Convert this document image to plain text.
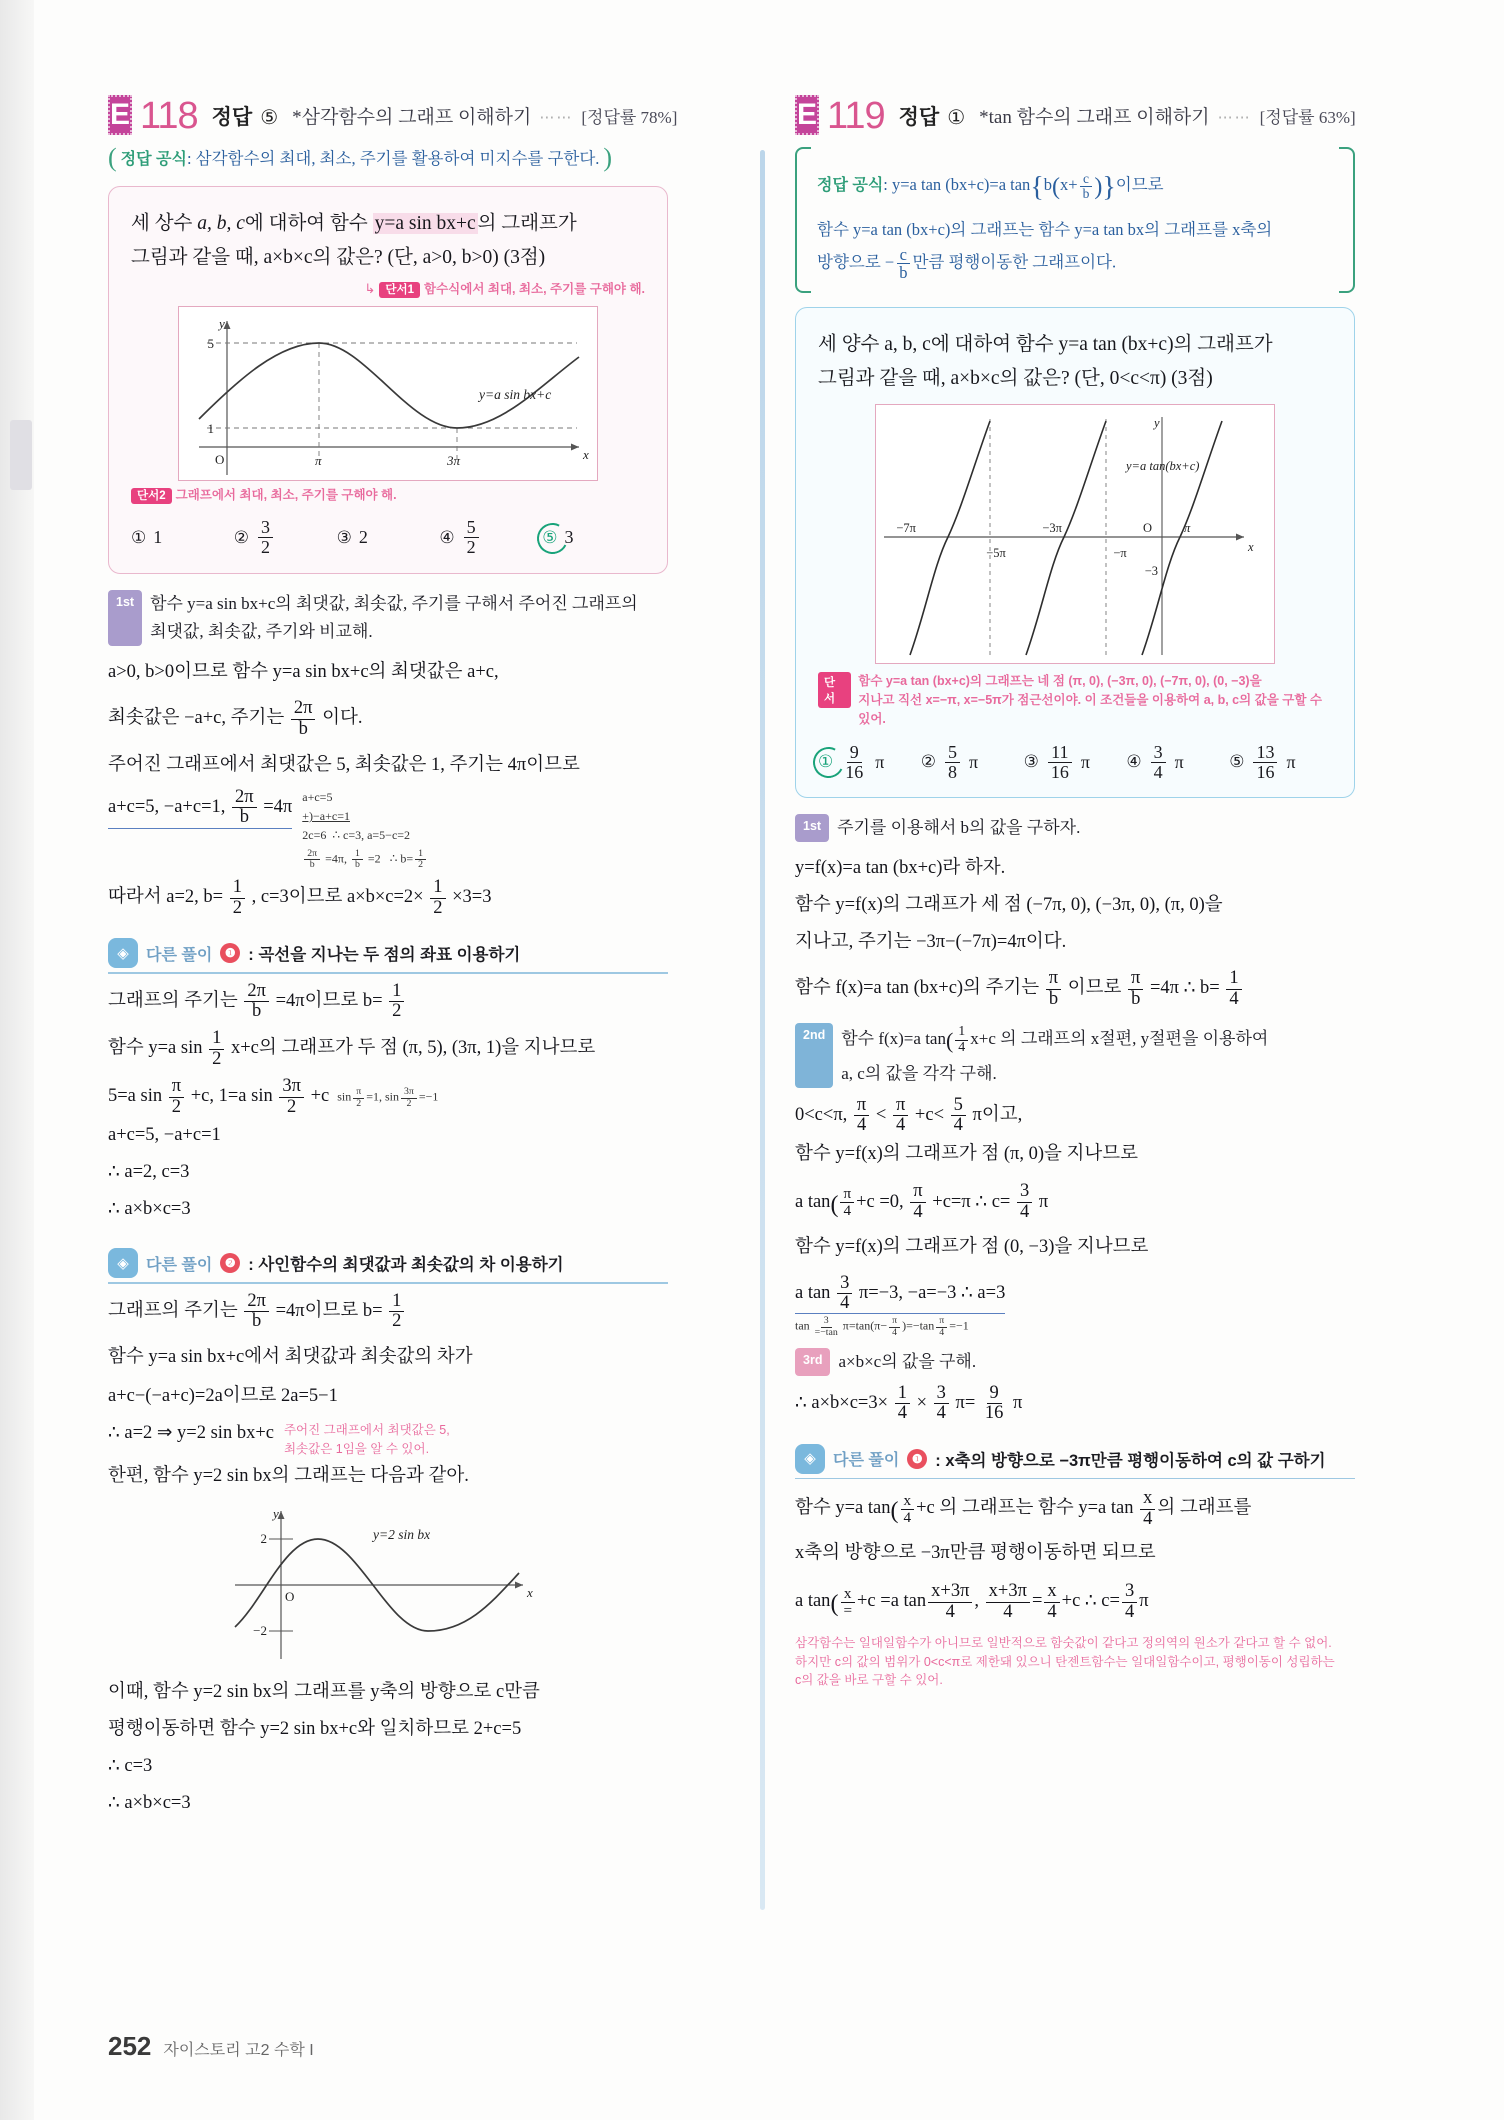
E 118 정답 ⑤ *삼각함수의 그래프 이해하기 ⋯⋯ [정답률 78%]
( 정답 공식: 삼각함수의 최대, 최소, 주기를 활용하여 미지수를 구한다. )
세 상수 a, b, c에 대하여 함수 y=a sin bx+c 의 그래프가
그림과 같을 때, a×b×c의 값은? (단, a>0, b>0) (3점)
↳ 단서1 함수식에서 최대, 최소, 주기를 구해야 해.
y
x
5
1
O	π	3π
y=a sin bx+c
단서2 그래프에서 최대, 최소, 주기를 구해야 해.
① 1	② $\frac{3}{2}$	③ 2	④ $\frac{5}{2}$	⑤ 3
1st 함수 y=a sin bx+c의 최댓값, 최솟값, 주기를 구해서 주어진 그래프의
최댓값, 최솟값, 주기와 비교해.
a>0, b>0이므로 함수 y=a sin bx+c의 최댓값은 a+c,
최솟값은 −a+c, 주기는 $\frac{2\pi}{b}$ 이다.
주어진 그래프에서 최댓값은 5, 최솟값은 1, 주기는 4π이므로
a+c=5, −a+c=1, $\frac{2\pi}{b} =4\pi$
a+c=5
+)−a+c=1
2c=6 ∴ c=3, a=5−c=2
$\frac{2\pi}{b} =4\pi$, $\frac{1}{b} =2$ ∴ $b= \frac{1}{2}$
따라서 a=2, $b= \frac{1}{2}$ , c=3이므로 $a\times b\times c=2\times \frac{1}{2} \times 3=3$
◈	다른 풀이	❶ : 곡선을 지나는 두 점의 좌표 이용하기
그래프의 주기는 $\frac{2\pi}{b} =4\pi$이므로 $b= \frac{1}{2}$
함수 y=a $\sin \frac{1}{2} x+c$의 그래프가 두 점 (π, 5), (3π, 1)을 지나므로
5=a $\sin \frac{\pi}{2} +c$, 1=a $\sin \frac{3\pi}{2} +c$ $\sin \frac{\pi}{2} =1$, $\sin \frac{3\pi}{2} =-1$
a+c=5, −a+c=1
∴ a=2, c=3
∴ a×b×c=3
◈	다른 풀이	❷ : 사인함수의 최댓값과 최솟값의 차 이용하기
그래프의 주기는 $\frac{2\pi}{b} =4\pi$이므로 $b= \frac{1}{2}$
함수 y=a sin bx+c에서 최댓값과 최솟값의 차가
a+c−(−a+c)=2a이므로 2a=5−1
∴ a=2 ⇒ y=2 sin bx+c 주어진 그래프에서 최댓값은 5,
최솟값은 1임을 알 수 있어.
한편, 함수 y=2 sin bx의 그래프는 다음과 같아.
y
x
2
−2
O
y=2 sin bx
이때, 함수 y=2 sin bx의 그래프를 y축의 방향으로 c만큼
평행이동하면 함수 y=2 sin bx+c와 일치하므로 2+c=5
∴ c=3
∴ a×b×c=3
E 119 정답 ① *tan 함수의 그래프 이해하기 ⋯⋯ [정답률 63%]
정답 공식: y=a tan (bx+c)=a $\tan\{b(x+ \frac{c}{b}$ )}이므로
함수 y=a tan (bx+c)의 그래프는 함수 y=a tan bx의 그래프를 x축의
방향으로 − $\frac{c}{b}$ 만큼 평행이동한 그래프이다.
세 양수 a, b, c에 대하여 함수 y=a tan (bx+c)의 그래프가
그림과 같을 때, a×b×c의 값은? (단, 0<c<π) (3점)
y
x
−7π
−5π
−3π
−π
O	π
−3
y=a tan(bx+c)
단서
함수 y=a tan (bx+c)의 그래프는 네 점 (π, 0), (−3π, 0), (−7π, 0), (0, −3)을
지나고 직선 x=−π, x=−5π가 점근선이야. 이 조건들을 이용하여 a, b, c의 값을 구할 수 있어.
① $\frac{9}{16}$ π ② $\frac{5}{8}$ π	③ $\frac{11}{16}$ π ④ $\frac{3}{4}$ π	⑤ $\frac{13}{16}$ π
1st 주기를 이용해서 b의 값을 구하자.
y=f(x)=a tan (bx+c)라 하자.
함수 y=f(x)의 그래프가 세 점 (−7π, 0), (−3π, 0), (π, 0)을
지나고, 주기는 −3π−(−7π)=4π이다.
함수 f(x)=a tan (bx+c)의 주기는 $\frac{\pi}{b}$ 이므로 $\frac{\pi}{b} =4\pi$ ∴ $b= \frac{1}{4}$
2nd 함수 f(x)=a $\tan( \frac{1}{4} x+c$ 의 그래프의 x절편, y절편을 이용하여
a, c의 값을 각각 구해.
0<c<π, $\frac{\pi}{4} < \frac{\pi}{4} +c< \frac{5}{4}$ π이고,
함수 y=f(x)의 그래프가 점 (π, 0)을 지나므로
a $\tan( \frac{\pi}{4} +c =0$, $\frac{\pi}{4} +c=\pi$ ∴ $c= \frac{3}{4}$ π
함수 y=f(x)의 그래프가 점 (0, −3)을 지나므로
a $\tan \frac{3}{4} \pi=-3$, −a=−3 ∴ a=3
$\tan \frac{3}{=-\tan} \pi=\tan(\pi- \frac{\pi}{4} )=-\tan \frac{\pi}{4} =-1$
3rd a×b×c의 값을 구해.
∴ $a\times b\times c=3\times \frac{1}{4} \times \frac{3}{4} \pi= \frac{9}{16}$ π
◈	다른 풀이	❶ : x축의 방향으로 −3π만큼 평행이동하여 c의 값 구하기
함수 y=a $\tan( \frac{x}{4} +c$ 의 그래프는 함수 y=a $\tan \frac{x}{4}$ 의 그래프를
x축의 방향으로 −3π만큼 평행이동하면 되므로
a $\tan( \frac{x}{=} +c =a$ $\tan \frac{x+3\pi}{4}$ , $\frac{x+3\pi}{4} = \frac{x}{4} +c$ ∴ $c= \frac{3}{4}$ π
삼각함수는 일대일함수가 아니므로 일반적으로 함숫값이 같다고 정의역의 원소가 같다고 할 수 없어.
하지만 c의 값의 범위가 0<c<π로 제한돼 있으니 탄젠트함수는 일대일함수이고, 평행이동이 성립하는
c의 값을 바로 구할 수 있어.
252 자이스토리 고2 수학 I
